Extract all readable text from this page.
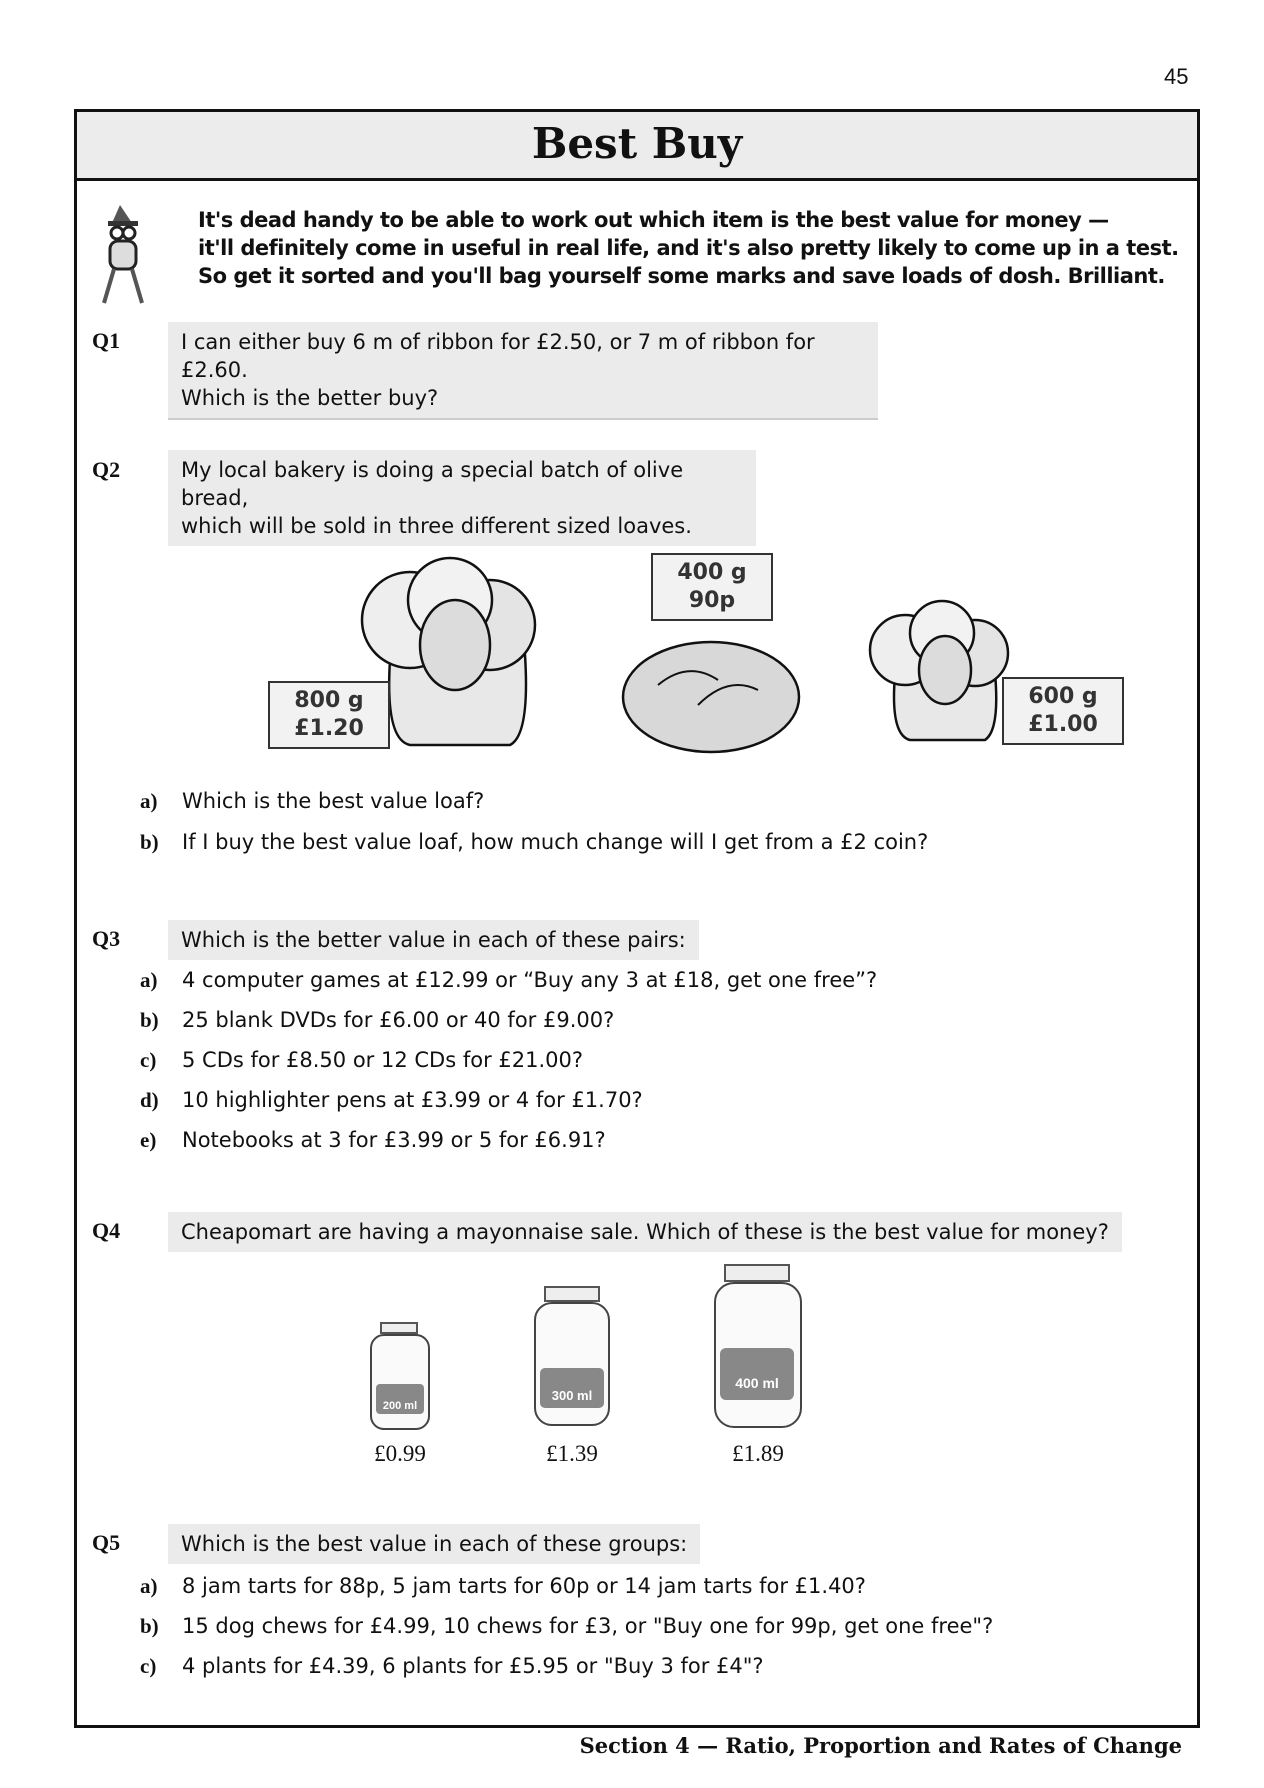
45
Best Buy
It's dead handy to be able to work out which item is the best value for money —
it'll definitely come in useful in real life, and it's also pretty likely to come up in a test.
So get it sorted and you'll bag yourself some marks and save loads of dosh. Brilliant.
Q1	I can either buy 6 m of ribbon for £2.50, or 7 m of ribbon for £2.60.
Which is the better buy?
Q2	My local bakery is doing a special batch of olive bread,
which will be sold in three different sized loaves.
800 g
£1.20
400 g
90p
600 g
£1.00
a) Which is the best value loaf?
b) If I buy the best value loaf, how much change will I get from a £2 coin?
Q3	Which is the better value in each of these pairs:
a) 4 computer games at £12.99 or “Buy any 3 at £18, get one free”?
b) 25 blank DVDs for £6.00 or 40 for £9.00?
c) 5 CDs for £8.50 or 12 CDs for £21.00?
d) 10 highlighter pens at £3.99 or 4 for £1.70?
e) Notebooks at 3 for £3.99 or 5 for £6.91?
Q4	Cheapomart are having a mayonnaise sale. Which of these is the best value for money?
200 ml
300 ml
400 ml
£0.99	£1.39	£1.89
Q5	Which is the best value in each of these groups:
a) 8 jam tarts for 88p, 5 jam tarts for 60p or 14 jam tarts for £1.40?
b) 15 dog chews for £4.99, 10 chews for £3, or "Buy one for 99p, get one free"?
c) 4 plants for £4.39, 6 plants for £5.95 or "Buy 3 for £4"?
Section 4 — Ratio, Proportion and Rates of Change
